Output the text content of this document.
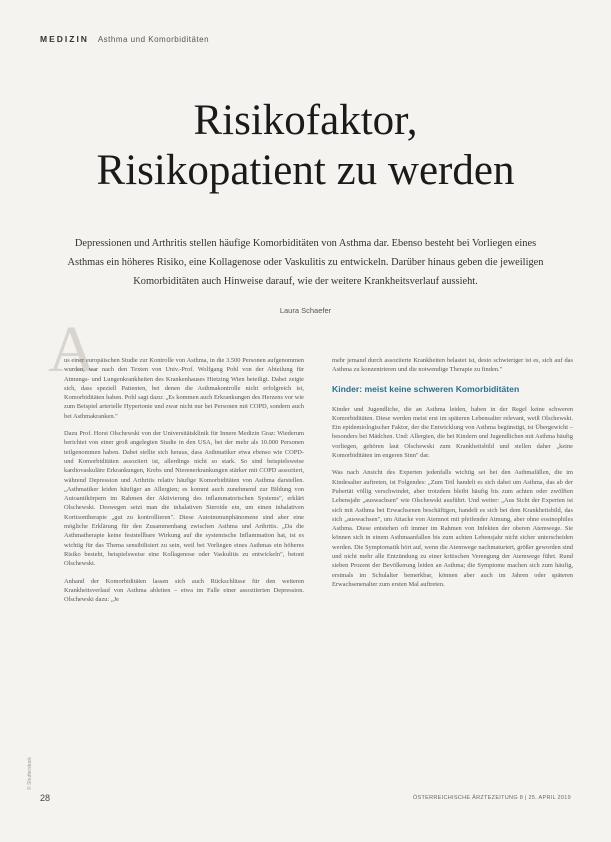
MEDIZIN Asthma und Komorbiditäten
Risikofaktor,
Risikopatient zu werden
Depressionen und Arthritis stellen häufige Komorbiditäten von Asthma dar. Ebenso besteht bei Vorliegen eines Asthmas ein höheres Risiko, eine Kollagenose oder Vaskulitis zu entwickeln. Darüber hinaus geben die jeweiligen Komorbiditäten auch Hinweise darauf, wie der weitere Krankheitsverlauf aussieht.
Laura Schaefer
A

us einer europäischen Studie zur Kontrolle von Asthma, in die 3.500 Personen aufgenommen wurden, war nach den Texten von Univ.-Prof. Wolfgang Pohl von der Abteilung für Atmungs- und Lungenkrankheiten des Krankenhauses Hietzing Wien beteiligt. Dabei zeigte sich, dass speziell Patienten, bei denen die Asthmakontrolle nicht erfolgreich ist, Komorbiditäten haben. Pohl sagt dazu: „Es kommen auch Erkrankungen des Herzens vor wie zum Beispiel arterielle Hypertonie und zwar nicht nur bei Personen mit COPD, sondern auch bei Asthmakranken."

Dazu Prof. Horst Olschewski von der Universitätsklinik für Innere Medizin Graz: Wiederum berichtet von einer groß angelegten Studie in den USA, bei der mehr als 10.000 Personen teilgenommen haben. Dabei stellte sich heraus, dass Asthmatiker etwa ebenso wie COPD- und Komorbiditäten assoziiert ist, allerdings nicht so stark. So sind beispielsweise kardiovaskuläre Erkrankungen, Krebs und Nierenerkrankungen stärker mit COPD assoziiert, während Depression und Arthritis relativ häufige Komorbiditäten von Asthma darstellen. „Asthmatiker leiden häufiger an Allergien; es kommt auch zunehmend zur Bildung von Autoantikörpern im Rahmen der Aktivierung des inflammatorischen Systems", erklärt Olschewski. Deswegen setzt man die inhalativen Steroide ein, um einen inhalativen Kortisontherapie „gut zu kontrollieren". Diese Autoimmunphänomene sind aber eine mögliche Erklärung für den Zusammenhang zwischen Asthma und Arthritis. „Da die Asthmatherapie keine feststellbare Wirkung auf die systemische Inflammation hat, ist es wichtig für das Thema sensibilisiert zu sein, weil bei Vorliegen eines Asthmas ein höheres Risiko besteht, beispielsweise eine Kollagenose oder Vaskulitis zu entwickeln", betont Olschewski.

Anhand der Komorbiditäten lassen sich auch Rückschlüsse für den weiteren Krankheitsverlauf von Asthma ableiten – etwa im Falle einer assoziierten Depression. Olschewski dazu: „Je

mehr jemand durch assoziierte Krankheiten belastet ist, desto schwieriger ist es, sich auf das Asthma zu konzentrieren und die notwendige Therapie zu finden."

Kinder: meist keine schweren Komorbiditäten

Kinder und Jugendliche, die an Asthma leiden, haben in der Regel keine schweren Komorbiditäten. Diese werden meist erst im späteren Lebensalter relevant, weiß Olschewski. Ein epidemiologischer Faktor, der die Entwicklung von Asthma begünstigt, ist Übergewicht – besonders bei Mädchen. Und: Allergien, die bei Kindern und Jugendlichen mit Asthma häufig vorliegen, gehören laut Olschewski zum Krankheitsbild und stellen daher „keine Komorbiditäten im engeren Sinn" dar.

Was nach Ansicht des Experten jedenfalls wichtig sei bei den Asthmafällen, die im Kindesalter auftreten, ist Folgendes: „Zum Teil handelt es sich dabei um Asthma, das ab der Pubertät völlig verschwindet, aber trotzdem bleibt häufig bis zum achten oder zwölften Lebensjahr „auswachsen" wie Olschewski ausführt. Und weiter: „Aus Sicht der Experten ist sich mit Asthma bei Erwachsenen beschäftigen, handelt es sich bei dem Krankheitsbild, das sich „auswachsen", um Attacke von Atemnot mit pfeifender Atmung, aber ohne eosinophiles Asthma. Diese entstehen oft immer im Rahmen von Infekten der oberen Atemwege. Sie können sich in einem Asthmaanfallen bis zum achten Lebensjahr nicht sicher unterscheiden werden. Die Symptomatik hört auf, wenn die Atemwege nachmaturiert, größer geworden sind und nicht mehr alle Entzündung zu einer kritischen Verengung der Atemwege führt. Rund sieben Prozent der Bevölkerung leiden an Asthma; die Symptome machen sich zum häufig, erstmals im Schulalter bemerkbar, können aber auch im Jahren oder späteren Erwachsenenalter zum ersten Mal auftreten.

© Shutterstock
28	ÖSTERREICHISCHE ÄRZTEZEITUNG 8 | 25. APRIL 2019
